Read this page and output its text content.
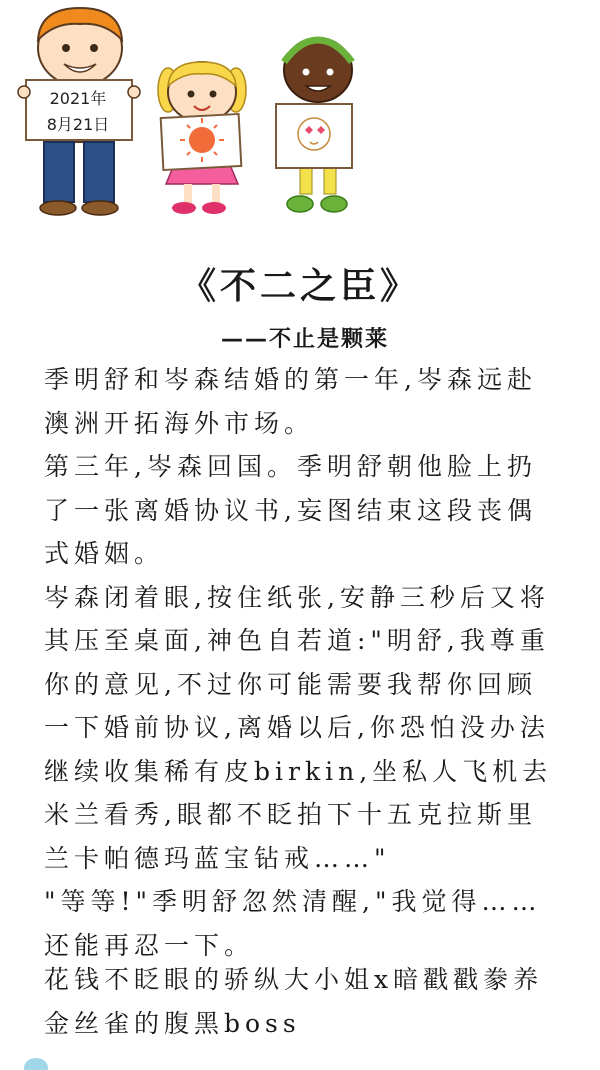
2021年
8月21日
《不二之臣》
——不止是颗莱

季明舒和岑森结婚的第一年,岑森远赴澳洲开拓海外市场。

第三年,岑森回国。季明舒朝他脸上扔了一张离婚协议书,妄图结束这段丧偶式婚姻。

岑森闭着眼,按住纸张,安静三秒后又将其压至桌面,神色自若道:"明舒,我尊重你的意见,不过你可能需要我帮你回顾一下婚前协议,离婚以后,你恐怕没办法继续收集稀有皮birkin,坐私人飞机去米兰看秀,眼都不眨拍下十五克拉斯里兰卡帕德玛蓝宝钻戒……"

"等等!"季明舒忽然清醒,"我觉得……还能再忍一下。

花钱不眨眼的骄纵大小姐x暗戳戳豢养金丝雀的腹黑boss
